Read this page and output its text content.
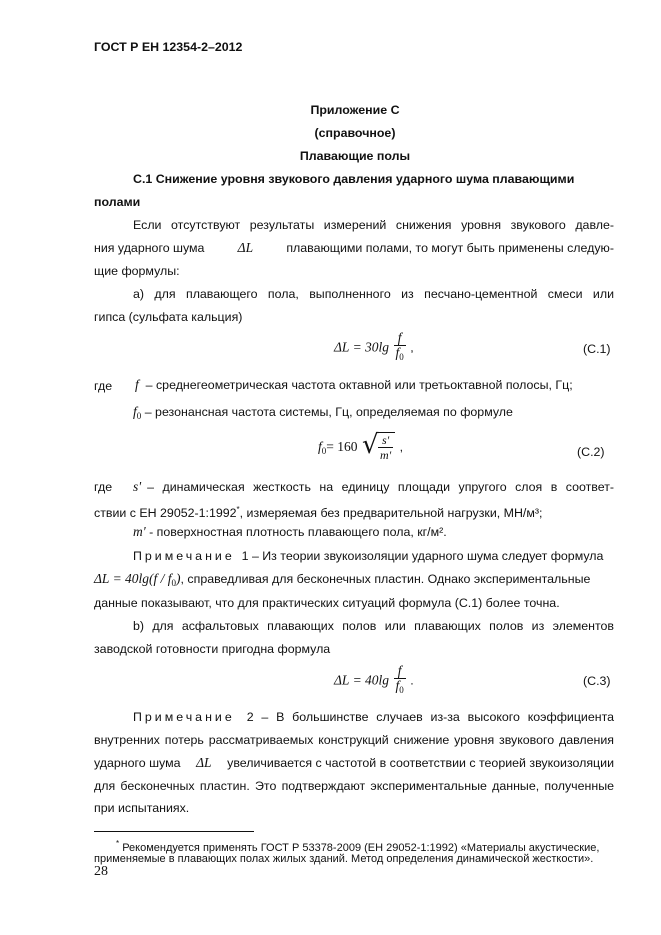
ГОСТ Р ЕН 12354-2–2012
Приложение С
(справочное)
Плавающие полы
С.1 Снижение уровня звукового давления ударного шума плавающими
полами
Если отсутствуют результаты измерений снижения уровня звукового давле-
ния ударного шума ΔL	плавающими полами, то могут быть применены следую-
щие формулы:
а) для плавающего пола, выполненного из песчано-цементной смеси или
гипса (сульфата кальция)
$\Delta L = 30\lg \frac{f}{f_0}$ ,	(С.1)
где f – среднегеометрическая частота октавной или третьоктавной полосы, Гц;
$f_0$ – резонансная частота системы, Гц, определяемая по формуле
$f_0= 160$ √
$\frac{s'}{m'}$ ,	(С.2)
где s' – динамическая жесткость на единицу площади упругого слоя в соответ-
ствии с ЕН 29052-1:1992*, измеряемая без предварительной нагрузки, МН/м³;
m' - поверхностная плотность плавающего пола, кг/м².
Примечание 1 – Из теории звукоизоляции ударного шума следует формула
$\Delta L = 40\lg(f / f_0)$, справедливая для бесконечных пластин. Однако экспериментальные
данные показывают, что для практических ситуаций формула (С.1) более точна.
b) для асфальтовых плавающих полов или плавающих полов из элементов
заводской готовности пригодна формула
$\Delta L = 40\lg \frac{f}{f_0}$ .	(С.3)
Примечание 2 – В большинстве случаев из-за высокого коэффициента
внутренних потерь рассматриваемых конструкций снижение уровня звукового давления
ударного шума ΔL увеличивается с частотой в соответствии с теорией звукоизоляции
для бесконечных пластин. Это подтверждают экспериментальные данные, полученные
при испытаниях.
* Рекомендуется применять ГОСТ Р 53378-2009 (ЕН 29052-1:1992) «Материалы акустические,
применяемые в плавающих полах жилых зданий. Метод определения динамической жесткости».
28
